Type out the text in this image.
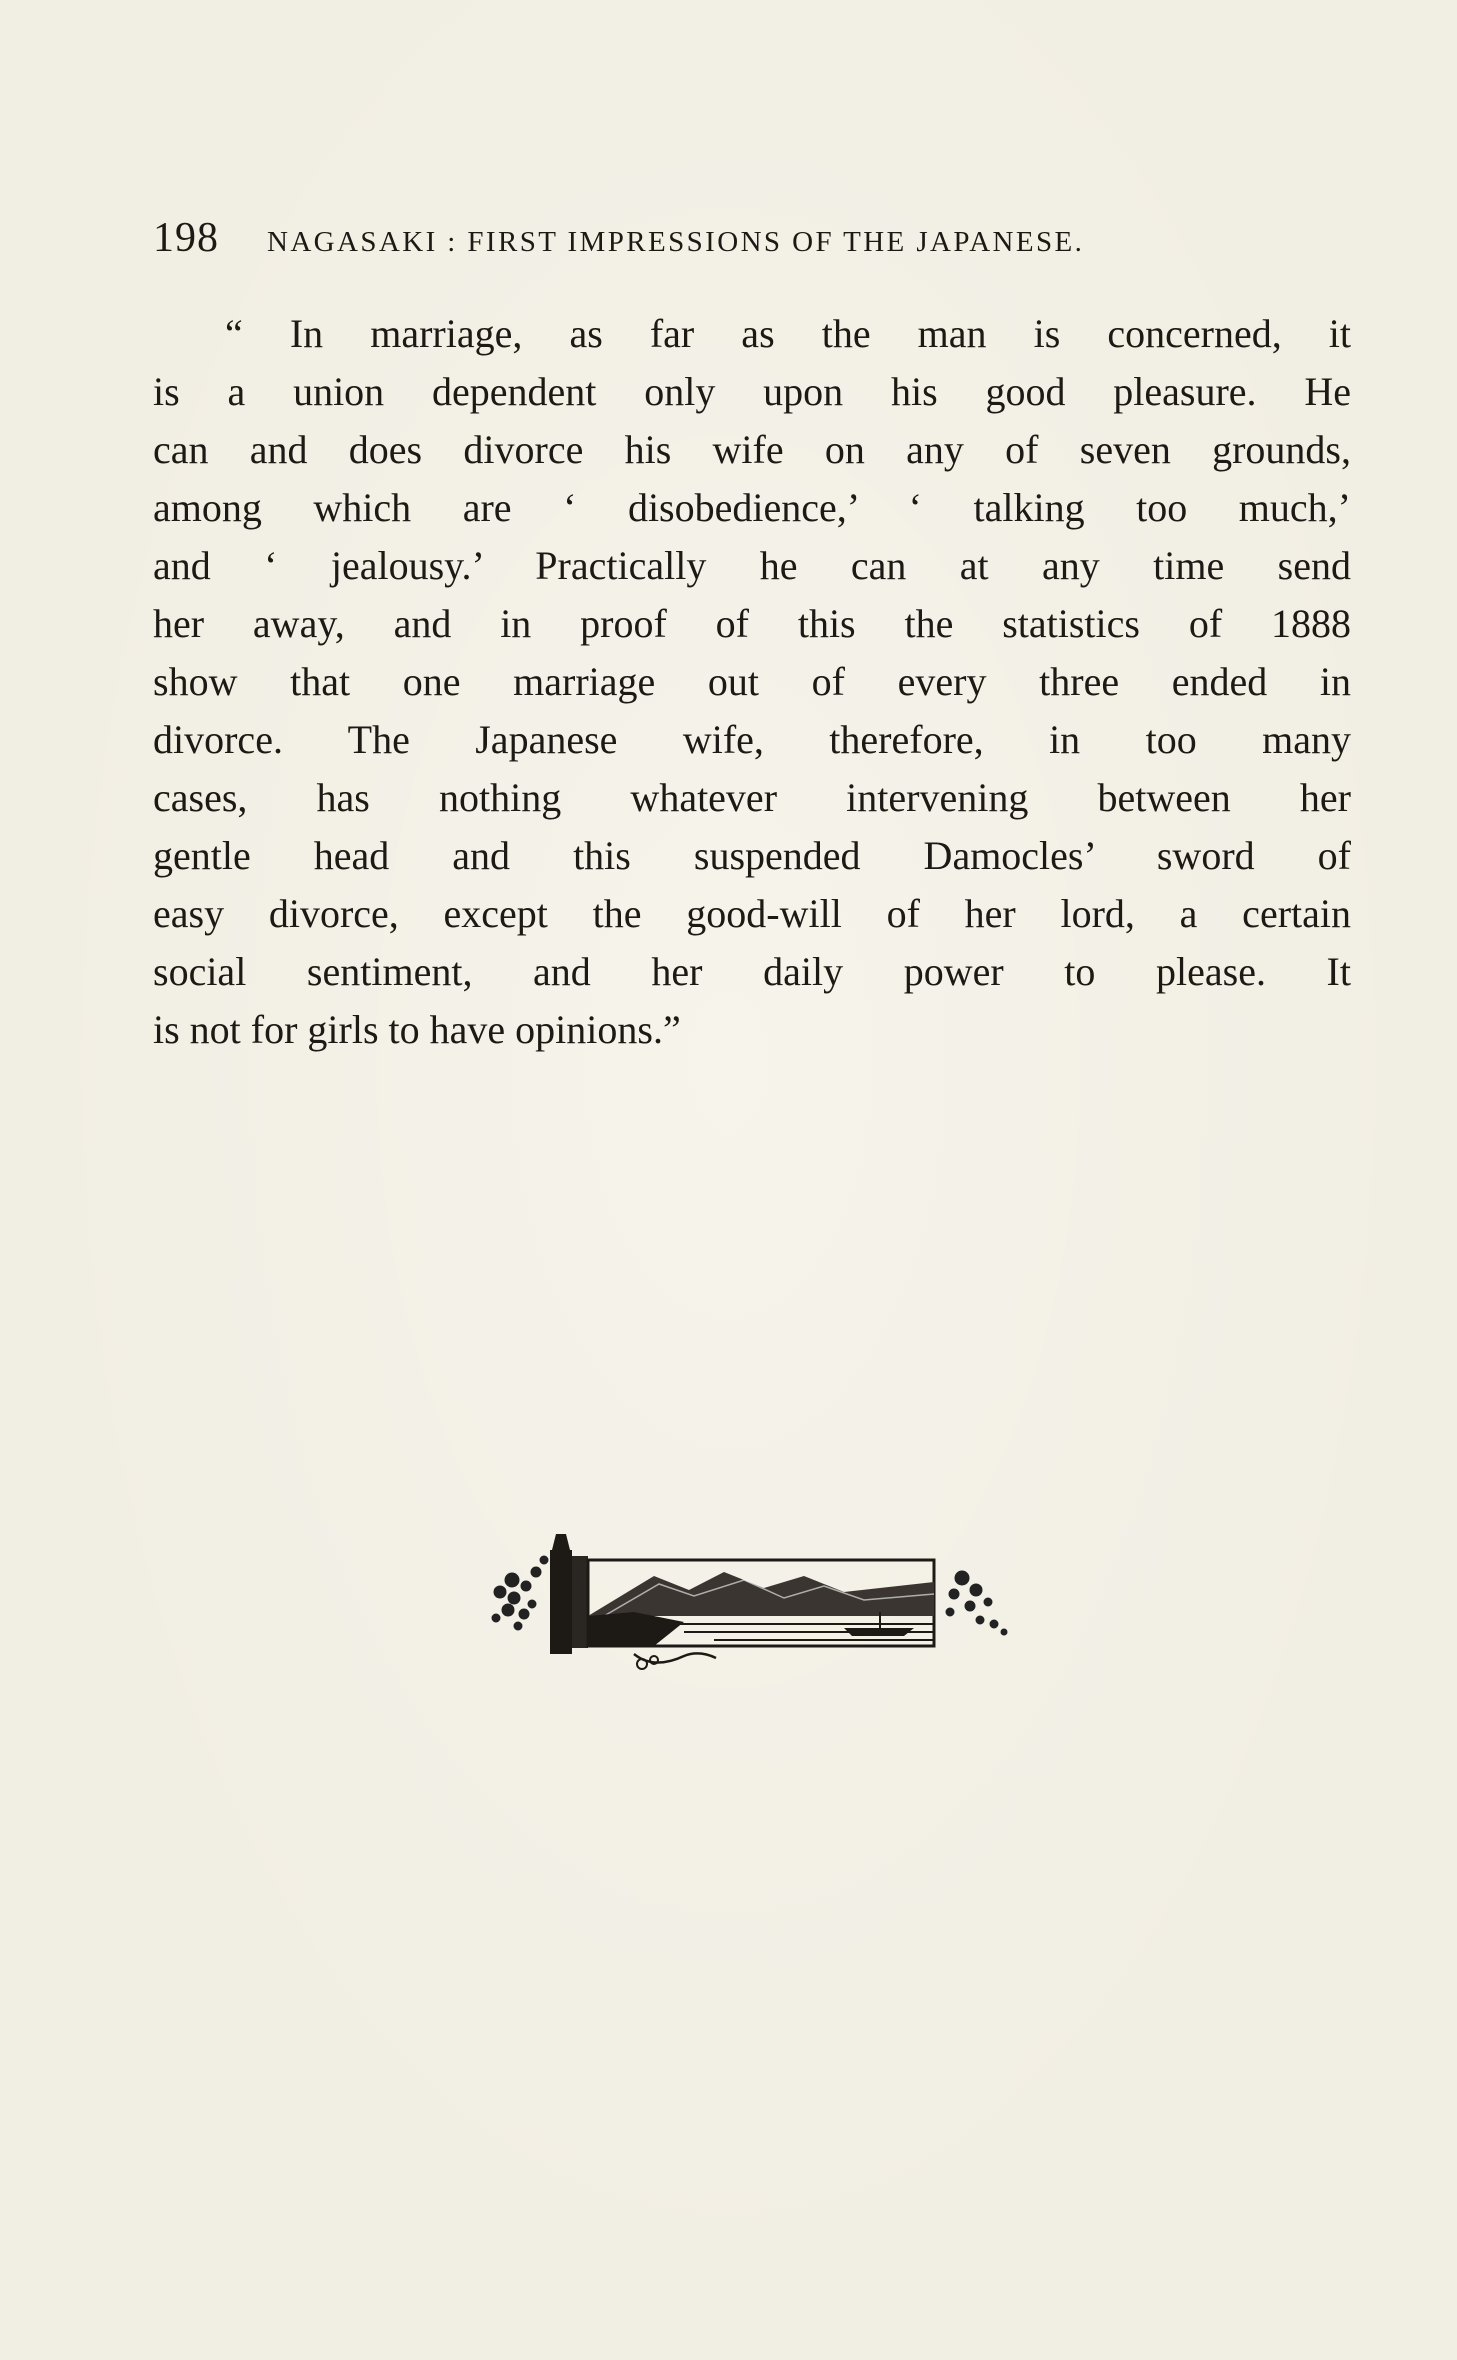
198 NAGASAKI : FIRST IMPRESSIONS OF THE JAPANESE.
“ In marriage, as far as the man is concerned, it
is a union dependent only upon his good pleasure. He
can and does divorce his wife on any of seven grounds,
among which are ‘ disobedience,’ ‘ talking too much,’
and ‘ jealousy.’ Practically he can at any time send
her away, and in proof of this the statistics of 1888
show that one marriage out of every three ended in
divorce. The Japanese wife, therefore, in too many
cases, has nothing whatever intervening between her
gentle head and this suspended Damocles’ sword of
easy divorce, except the good-will of her lord, a certain
social sentiment, and her daily power to please. It
is not for girls to have opinions.”
